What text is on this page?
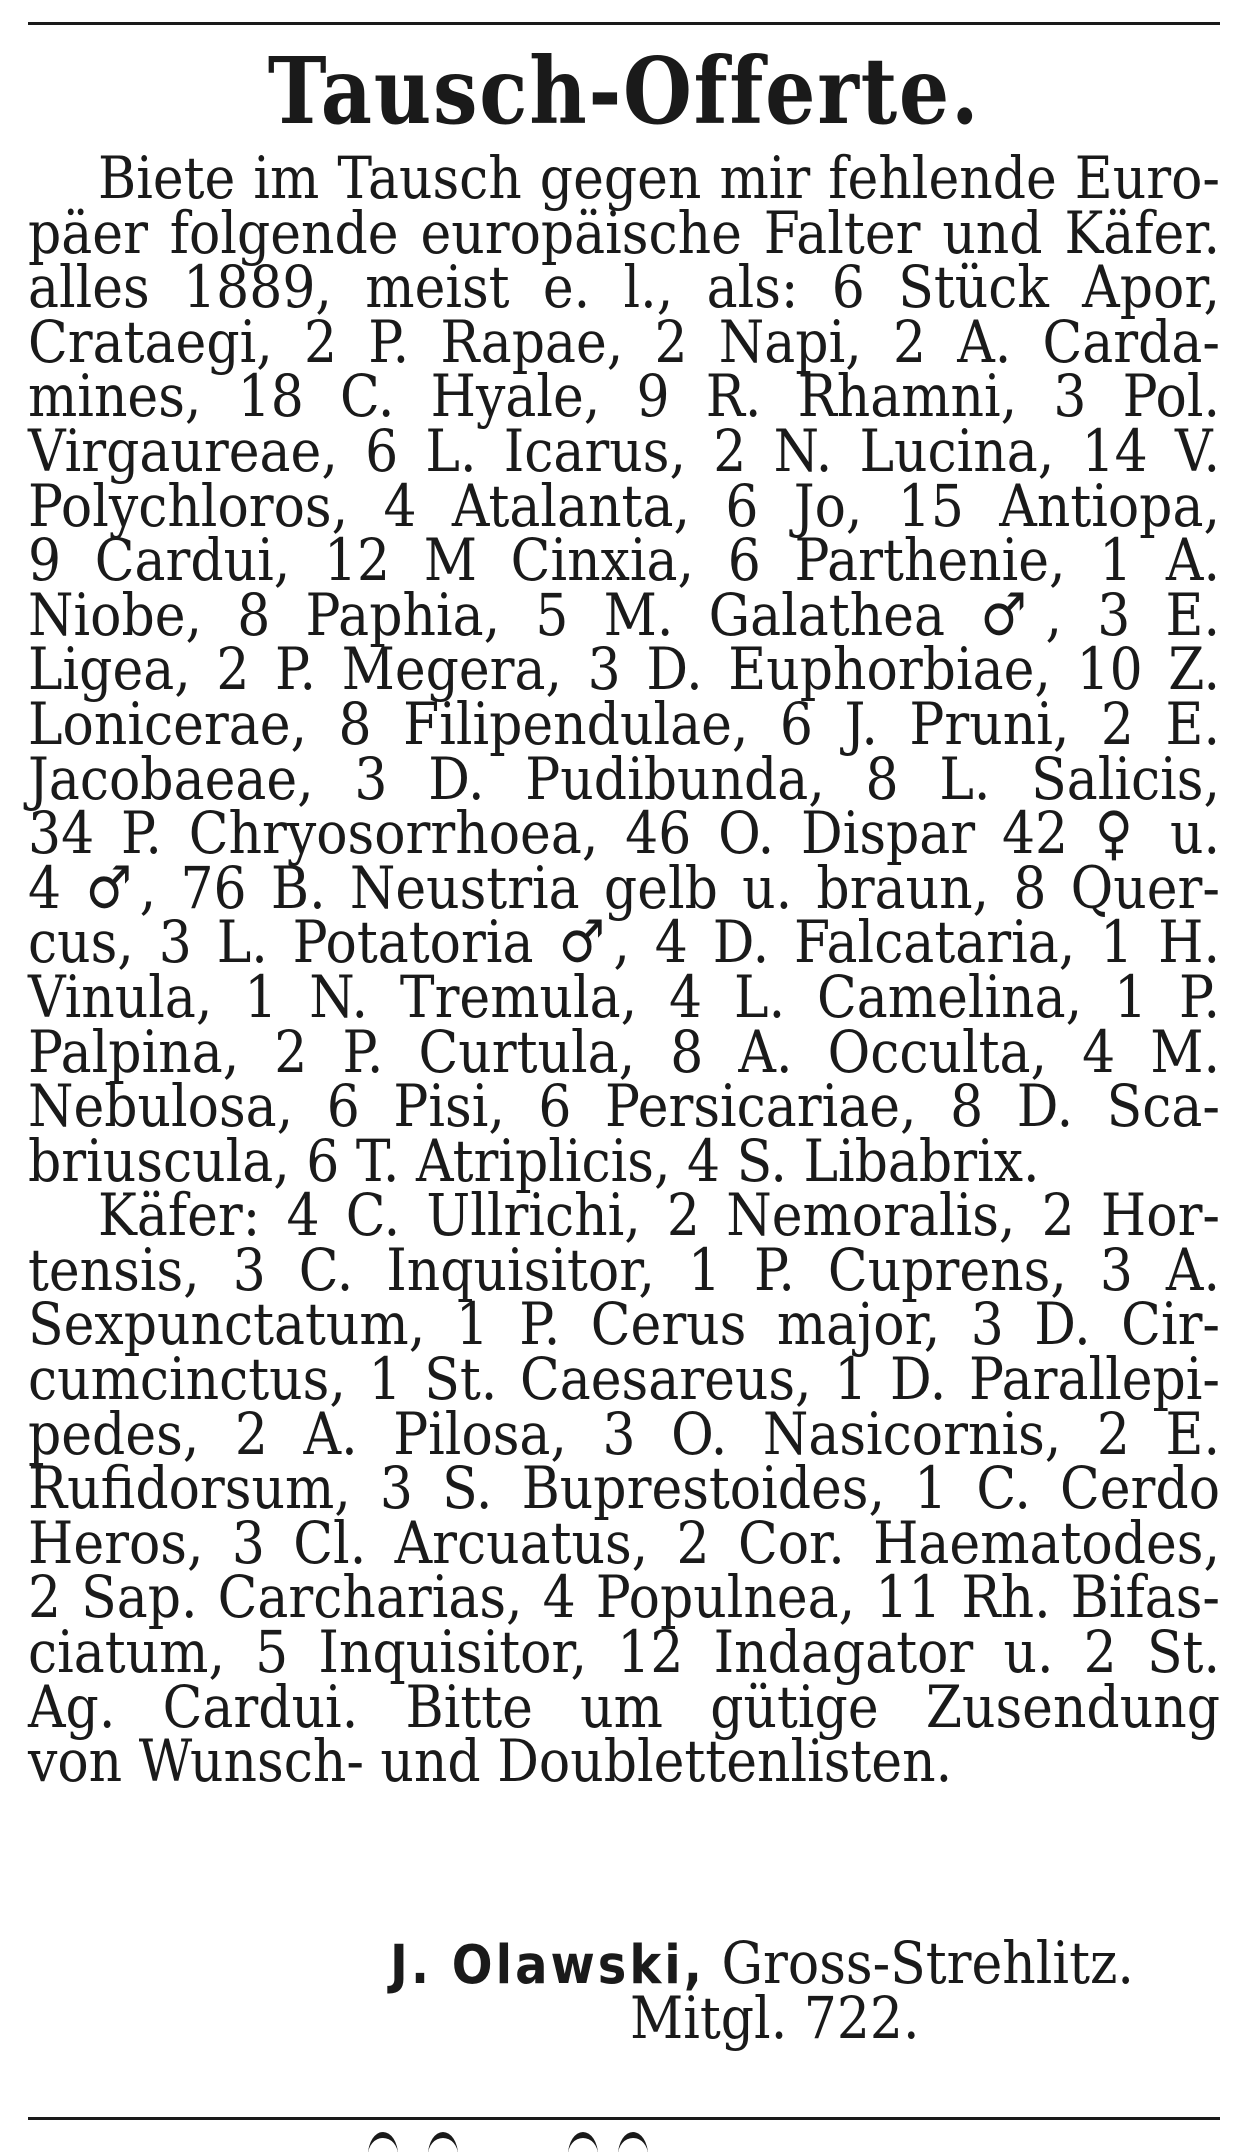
Tausch-Offerte.
Biete im Tausch gegen mir fehlende Euro-
päer folgende europäische Falter und Käfer.
alles 1889, meist e. l., als: 6 Stück Apor,
Crataegi, 2 P. Rapae, 2 Napi, 2 A. Carda-
mines, 18 C. Hyale, 9 R. Rhamni, 3 Pol.
Virgaureae, 6 L. Icarus, 2 N. Lucina, 14 V.
Polychloros, 4 Atalanta, 6 Jo, 15 Antiopa,
9 Cardui, 12 M Cinxia, 6 Parthenie, 1 A.
Niobe, 8 Paphia, 5 M. Galathea ♂, 3 E.
Ligea, 2 P. Megera, 3 D. Euphorbiae, 10 Z.
Lonicerae, 8 Filipendulae, 6 J. Pruni, 2 E.
Jacobaeae, 3 D. Pudibunda, 8 L. Salicis,
34 P. Chryosorrhoea, 46 O. Dispar 42 ♀ u.
4 ♂, 76 B. Neustria gelb u. braun, 8 Quer-
cus, 3 L. Potatoria ♂, 4 D. Falcataria, 1 H.
Vinula, 1 N. Tremula, 4 L. Camelina, 1 P.
Palpina, 2 P. Curtula, 8 A. Occulta, 4 M.
Nebulosa, 6 Pisi, 6 Persicariae, 8 D. Sca-
briuscula, 6 T. Atriplicis, 4 S. Libabrix.
Käfer: 4 C. Ullrichi, 2 Nemoralis, 2 Hor-
tensis, 3 C. Inquisitor, 1 P. Cuprens, 3 A.
Sexpunctatum, 1 P. Cerus major, 3 D. Cir-
cumcinctus, 1 St. Caesareus, 1 D. Parallepi-
pedes, 2 A. Pilosa, 3 O. Nasicornis, 2 E.
Rufidorsum, 3 S. Buprestoides, 1 C. Cerdo
Heros, 3 Cl. Arcuatus, 2 Cor. Haematodes,
2 Sap. Carcharias, 4 Populnea, 11 Rh. Bifas-
ciatum, 5 Inquisitor, 12 Indagator u. 2 St.
Ag. Cardui. Bitte um gütige Zusendung
von Wunsch- und Doublettenlisten.
J. Olawski, Gross-Strehlitz.
Mitgl. 722.
